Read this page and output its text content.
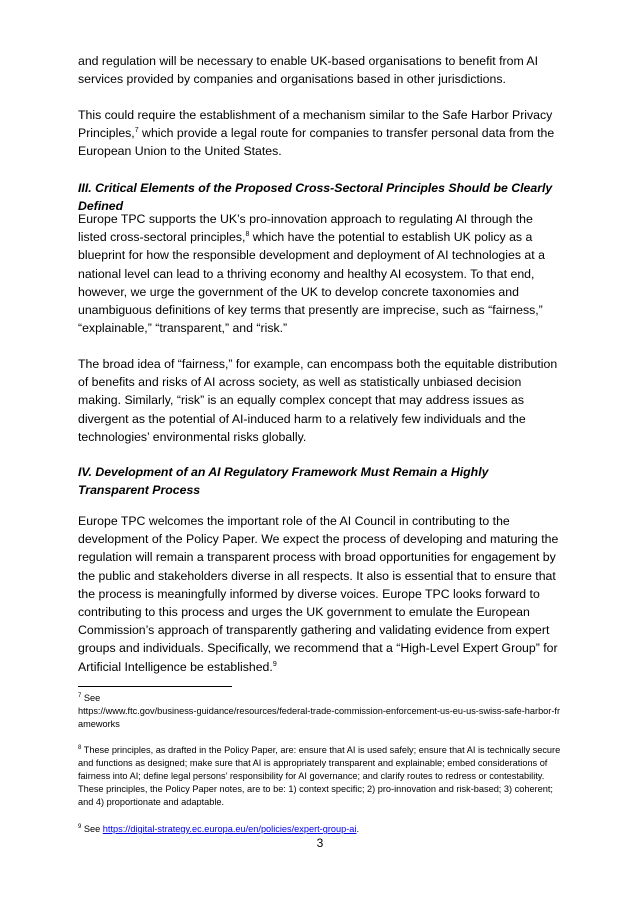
and regulation will be necessary to enable UK-based organisations to benefit from AI services provided by companies and organisations based in other jurisdictions.

This could require the establishment of a mechanism similar to the Safe Harbor Privacy Principles,$^7$ which provide a legal route for companies to transfer personal data from the European Union to the United States.

III. Critical Elements of the Proposed Cross-Sectoral Principles Should be Clearly Defined

Europe TPC supports the UK’s pro-innovation approach to regulating AI through the listed cross-sectoral principles,$^8$ which have the potential to establish UK policy as a blueprint for how the responsible development and deployment of AI technologies at a national level can lead to a thriving economy and healthy AI ecosystem. To that end, however, we urge the government of the UK to develop concrete taxonomies and unambiguous definitions of key terms that presently are imprecise, such as “fairness,” “explainable,” “transparent,” and “risk.”

The broad idea of “fairness,” for example, can encompass both the equitable distribution of benefits and risks of AI across society, as well as statistically unbiased decision making. Similarly, “risk” is an equally complex concept that may address issues as divergent as the potential of AI-induced harm to a relatively few individuals and the technologies’ environmental risks globally.

IV. Development of an AI Regulatory Framework Must Remain a Highly Transparent Process

Europe TPC welcomes the important role of the AI Council in contributing to the development of the Policy Paper. We expect the process of developing and maturing the regulation will remain a transparent process with broad opportunities for engagement by the public and stakeholders diverse in all respects. It also is essential that to ensure that the process is meaningfully informed by diverse voices. Europe TPC looks forward to contributing to this process and urges the UK government to emulate the European Commission’s approach of transparently gathering and validating evidence from expert groups and individuals. Specifically, we recommend that a “High-Level Expert Group” for Artificial Intelligence be established.$^9$

$^7$ See
https://www.ftc.gov/business-guidance/resources/federal-trade-commission-enforcement-us-eu-us-swiss-safe-harbor-frameworks

$^8$ These principles, as drafted in the Policy Paper, are: ensure that AI is used safely; ensure that AI is technically secure and functions as designed; make sure that AI is appropriately transparent and explainable; embed considerations of fairness into AI; define legal persons’ responsibility for AI governance; and clarify routes to redress or contestability. These principles, the Policy Paper notes, are to be: 1) context specific; 2) pro-innovation and risk-based; 3) coherent; and 4) proportionate and adaptable.

$^9$ See https://digital-strategy.ec.europa.eu/en/policies/expert-group-ai.

3
